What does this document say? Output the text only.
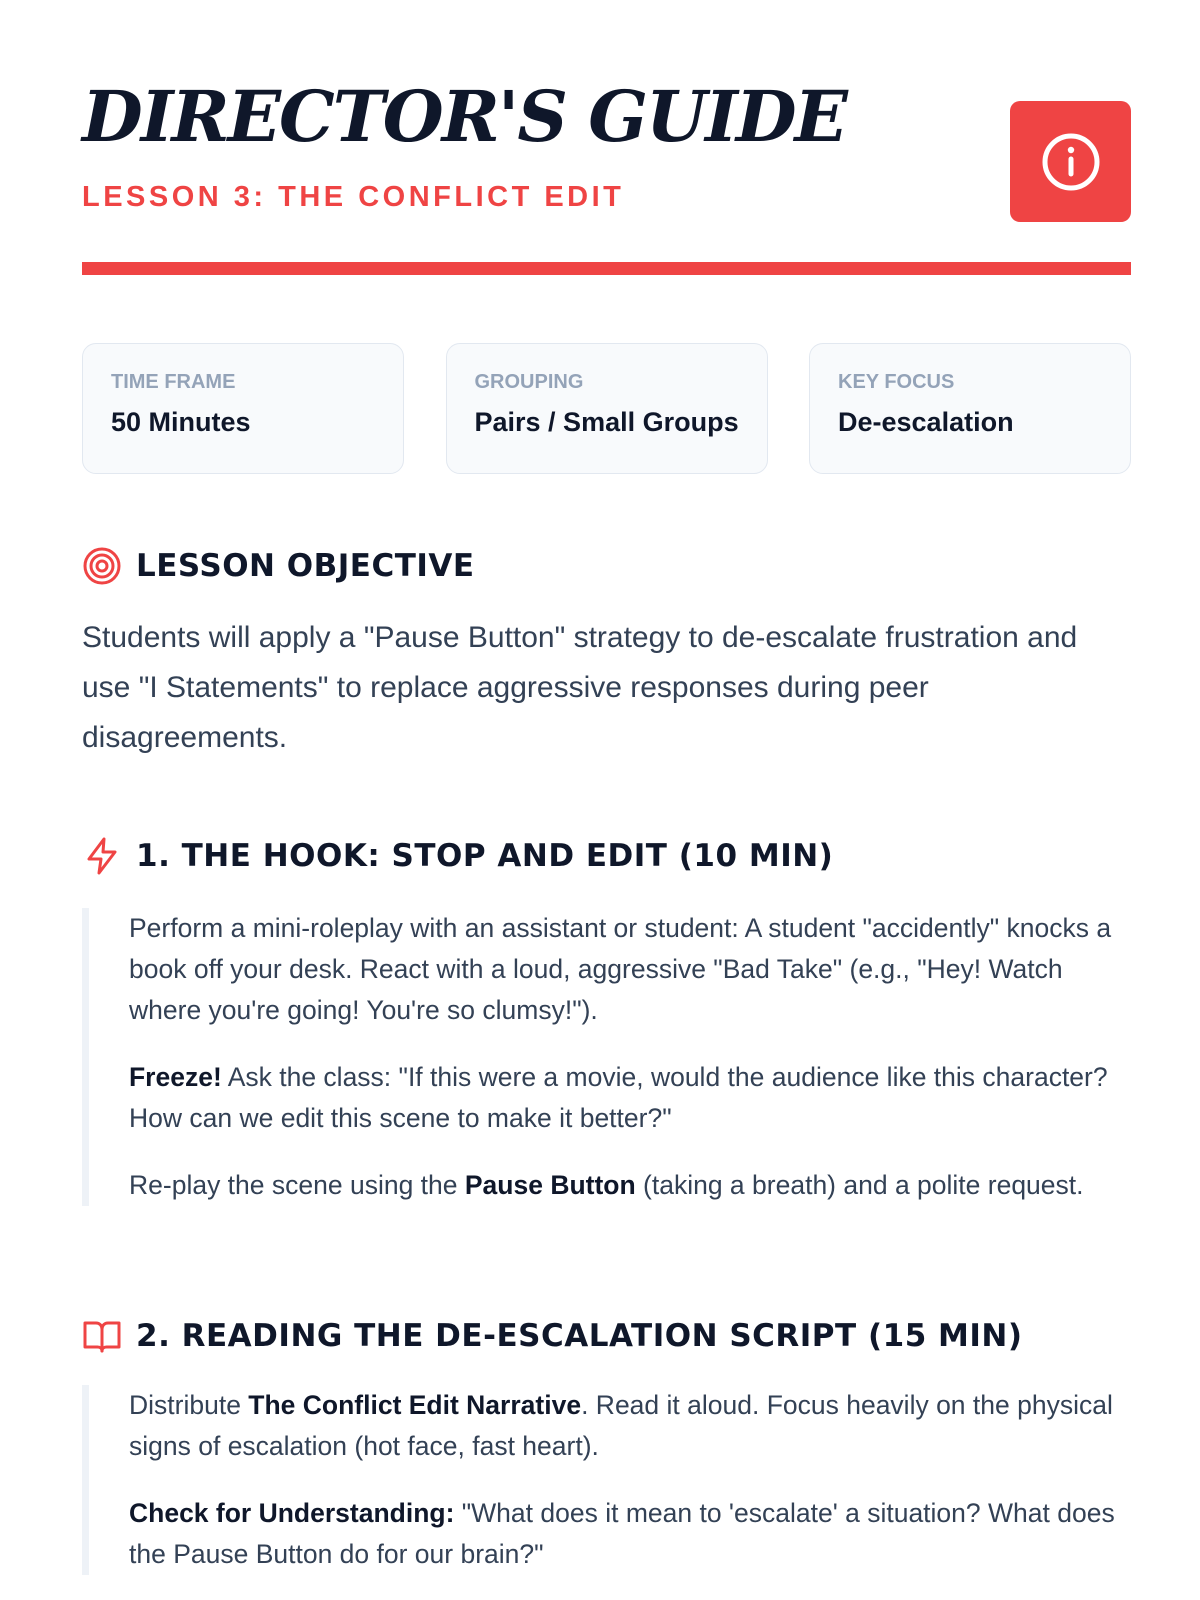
DIRECTOR'S GUIDE
LESSON 3: THE CONFLICT EDIT
TIME FRAME
50 Minutes
GROUPING
Pairs / Small Groups
KEY FOCUS
De-escalation
LESSON OBJECTIVE

Students will apply a "Pause Button" strategy to de-escalate frustration and use "I Statements" to replace aggressive responses during peer disagreements.

1. THE HOOK: STOP AND EDIT (10 MIN)

Perform a mini-roleplay with an assistant or student: A student "accidently" knocks a book off your desk. React with a loud, aggressive "Bad Take" (e.g., "Hey! Watch where you're going! You're so clumsy!").

Freeze! Ask the class: "If this were a movie, would the audience like this character? How can we edit this scene to make it better?"

Re-play the scene using the Pause Button (taking a breath) and a polite request.

2. READING THE DE-ESCALATION SCRIPT (15 MIN)

Distribute The Conflict Edit Narrative. Read it aloud. Focus heavily on the physical signs of escalation (hot face, fast heart).

Check for Understanding: "What does it mean to 'escalate' a situation? What does the Pause Button do for our brain?"
